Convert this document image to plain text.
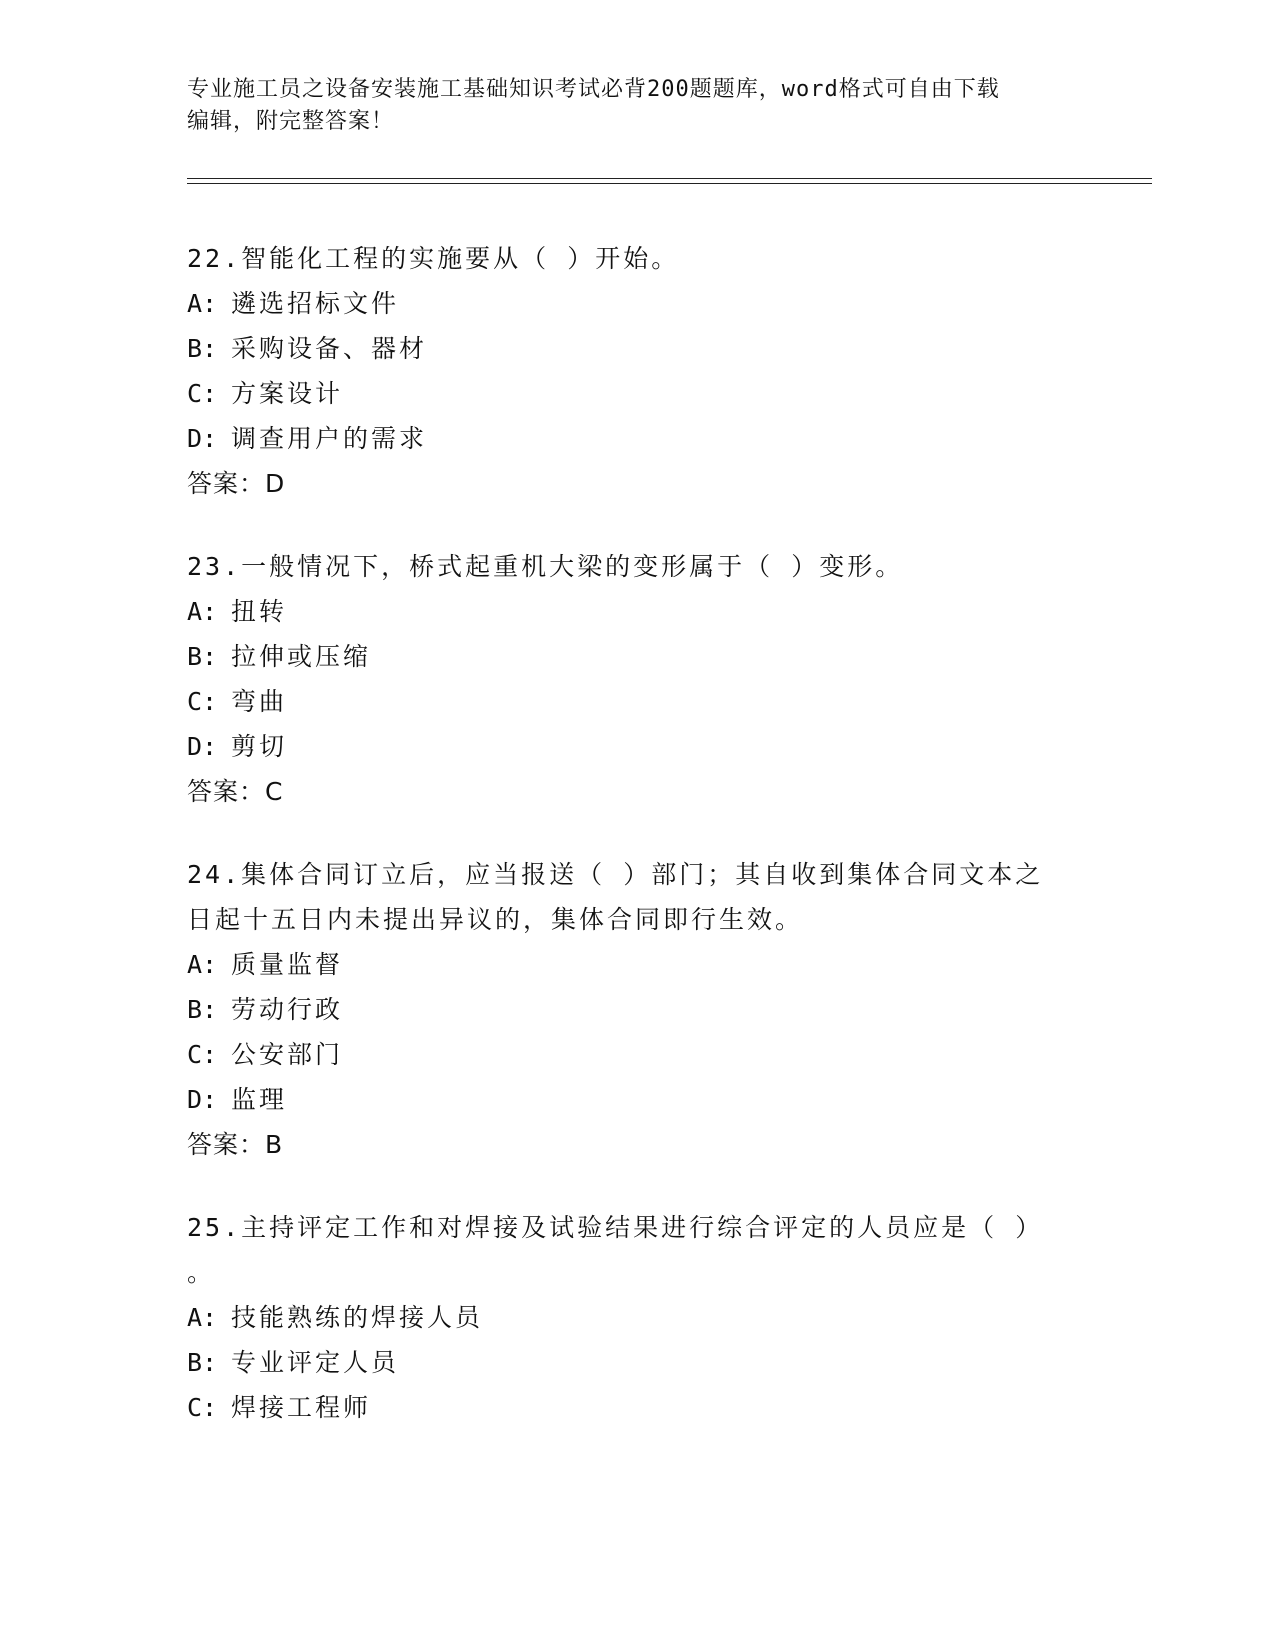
专业施工员之设备安装施工基础知识考试必背200题题库，word格式可自由下载
编辑，附完整答案！

22.智能化工程的实施要从（ ）开始。

A: 遴选招标文件

B: 采购设备、器材

C: 方案设计

D: 调查用户的需求

答案：D

23.一般情况下，桥式起重机大梁的变形属于（ ）变形。

A: 扭转

B: 拉伸或压缩

C: 弯曲

D: 剪切

答案：C

24.集体合同订立后，应当报送（ ）部门；其自收到集体合同文本之
日起十五日内未提出异议的，集体合同即行生效。

A: 质量监督

B: 劳动行政

C: 公安部门

D: 监理

答案：B

25.主持评定工作和对焊接及试验结果进行综合评定的人员应是（ ）
。

A: 技能熟练的焊接人员

B: 专业评定人员

C: 焊接工程师
